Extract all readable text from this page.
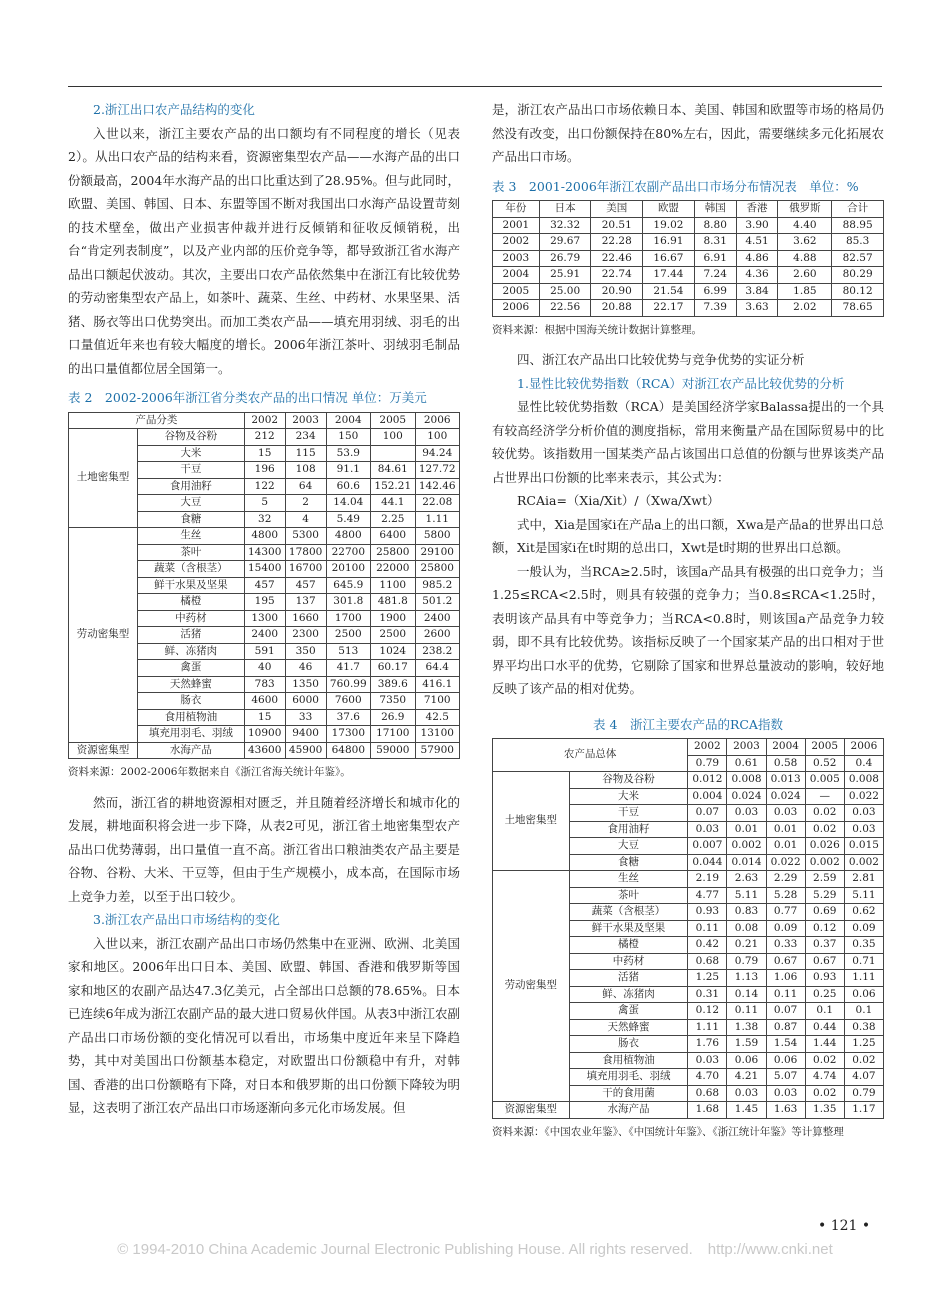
2.浙江出口农产品结构的变化

入世以来，浙江主要农产品的出口额均有不同程度的增长（见表2）。从出口农产品的结构来看，资源密集型农产品——水海产品的出口份额最高，2004年水海产品的出口比重达到了28.95%。但与此同时，欧盟、美国、韩国、日本、东盟等国不断对我国出口水海产品设置苛刻的技术壁垒，做出产业损害仲裁并进行反倾销和征收反倾销税，出台“肯定列表制度”，以及产业内部的压价竞争等，都导致浙江省水海产品出口额起伏波动。其次，主要出口农产品依然集中在浙江有比较优势的劳动密集型农产品上，如茶叶、蔬菜、生丝、中药材、水果坚果、活猪、肠衣等出口优势突出。而加工类农产品——填充用羽绒、羽毛的出口量值近年来也有较大幅度的增长。2006年浙江茶叶、羽绒羽毛制品的出口量值都位居全国第一。

表 2　2002-2006年浙江省分类农产品的出口情况 单位：万美元
产品分类		2002	2003	2004	2005	2006
土地密集型	谷物及谷粉	212	234	150	100	100
	大米	15	115	53.9		94.24
	干豆	196	108	91.1	84.61	127.72
	食用油籽	122	64	60.6	152.21	142.46
	大豆	5	2	14.04	44.1	22.08
	食糖	32	4	5.49	2.25	1.11
劳动密集型	生丝	4800	5300	4800	6400	5800
	茶叶	14300	17800	22700	25800	29100
	蔬菜（含根茎）	15400	16700	20100	22000	25800
	鲜干水果及坚果	457	457	645.9	1100	985.2
	橘橙	195	137	301.8	481.8	501.2
	中药材	1300	1660	1700	1900	2400
	活猪	2400	2300	2500	2500	2600
	鲜、冻猪肉	591	350	513	1024	238.2
	禽蛋	40	46	41.7	60.17	64.4
	天然蜂蜜	783	1350	760.99	389.6	416.1
	肠衣	4600	6000	7600	7350	7100
	食用植物油	15	33	37.6	26.9	42.5
	填充用羽毛、羽绒	10900	9400	17300	17100	13100
资源密集型	水海产品	43600	45900	64800	59000	57900
资料来源：2002-2006年数据来自《浙江省海关统计年鉴》。

然而，浙江省的耕地资源相对匮乏，并且随着经济增长和城市化的发展，耕地面积将会进一步下降，从表2可见，浙江省土地密集型农产品出口优势薄弱，出口量值一直不高。浙江省出口粮油类农产品主要是谷物、谷粉、大米、干豆等，但由于生产规模小，成本高，在国际市场上竞争力差，以至于出口较少。

3.浙江农产品出口市场结构的变化

入世以来，浙江农副产品出口市场仍然集中在亚洲、欧洲、北美国家和地区。2006年出口日本、美国、欧盟、韩国、香港和俄罗斯等国家和地区的农副产品达47.3亿美元，占全部出口总额的78.65%。日本已连续6年成为浙江农副产品的最大进口贸易伙伴国。从表3中浙江农副产品出口市场份额的变化情况可以看出，市场集中度近年来呈下降趋势，其中对美国出口份额基本稳定，对欧盟出口份额稳中有升，对韩国、香港的出口份额略有下降，对日本和俄罗斯的出口份额下降较为明显，这表明了浙江农产品出口市场逐渐向多元化市场发展。但

是，浙江农产品出口市场依赖日本、美国、韩国和欧盟等市场的格局仍然没有改变，出口份额保持在80%左右，因此，需要继续多元化拓展农产品出口市场。

表 3　2001-2006年浙江农副产品出口市场分布情况表　单位：%
年份	日本	美国	欧盟	韩国	香港	俄罗斯	合计
2001	32.32	20.51	19.02	8.80	3.90	4.40	88.95
2002	29.67	22.28	16.91	8.31	4.51	3.62	85.3
2003	26.79	22.46	16.67	6.91	4.86	4.88	82.57
2004	25.91	22.74	17.44	7.24	4.36	2.60	80.29
2005	25.00	20.90	21.54	6.99	3.84	1.85	80.12
2006	22.56	20.88	22.17	7.39	3.63	2.02	78.65
资料来源：根据中国海关统计数据计算整理。

四、浙江农产品出口比较优势与竞争优势的实证分析

1.显性比较优势指数（RCA）对浙江农产品比较优势的分析

显性比较优势指数（RCA）是美国经济学家Balassa提出的一个具有较高经济学分析价值的测度指标，常用来衡量产品在国际贸易中的比较优势。该指数用一国某类产品占该国出口总值的份额与世界该类产品占世界出口份额的比率来表示，其公式为：

RCAia=（Xia/Xit）/（Xwa/Xwt）

式中，Xia是国家i在产品a上的出口额，Xwa是产品a的世界出口总额，Xit是国家i在t时期的总出口，Xwt是t时期的世界出口总额。

一般认为，当RCA≥2.5时，该国a产品具有极强的出口竞争力；当1.25≤RCA<2.5时，则具有较强的竞争力；当0.8≤RCA<1.25时，表明该产品具有中等竞争力；当RCA<0.8时，则该国a产品竞争力较弱，即不具有比较优势。该指标反映了一个国家某产品的出口相对于世界平均出口水平的优势，它剔除了国家和世界总量波动的影响，较好地反映了该产品的相对优势。

表 4　浙江主要农产品的RCA指数
农产品总体		2002	2003	2004	2005	2006
		0.79	0.61	0.58	0.52	0.4
土地密集型	谷物及谷粉	0.012	0.008	0.013	0.005	0.008
	大米	0.004	0.024	0.024	—	0.022
	干豆	0.07	0.03	0.03	0.02	0.03
	食用油籽	0.03	0.01	0.01	0.02	0.03
	大豆	0.007	0.002	0.01	0.026	0.015
	食糖	0.044	0.014	0.022	0.002	0.002
劳动密集型	生丝	2.19	2.63	2.29	2.59	2.81
	茶叶	4.77	5.11	5.28	5.29	5.11
	蔬菜（含根茎）	0.93	0.83	0.77	0.69	0.62
	鲜干水果及坚果	0.11	0.08	0.09	0.12	0.09
	橘橙	0.42	0.21	0.33	0.37	0.35
	中药材	0.68	0.79	0.67	0.67	0.71
	活猪	1.25	1.13	1.06	0.93	1.11
	鲜、冻猪肉	0.31	0.14	0.11	0.25	0.06
	禽蛋	0.12	0.11	0.07	0.1	0.1
	天然蜂蜜	1.11	1.38	0.87	0.44	0.38
	肠衣	1.76	1.59	1.54	1.44	1.25
	食用植物油	0.03	0.06	0.06	0.02	0.02
	填充用羽毛、羽绒	4.70	4.21	5.07	4.74	4.07
	干的食用菌	0.68	0.03	0.03	0.02	0.79
资源密集型	水海产品	1.68	1.45	1.63	1.35	1.17
资料来源：《中国农业年鉴》、《中国统计年鉴》、《浙江统计年鉴》等计算整理
• 121 •
© 1994-2010 China Academic Journal Electronic Publishing House. All rights reserved.　http://www.cnki.net
